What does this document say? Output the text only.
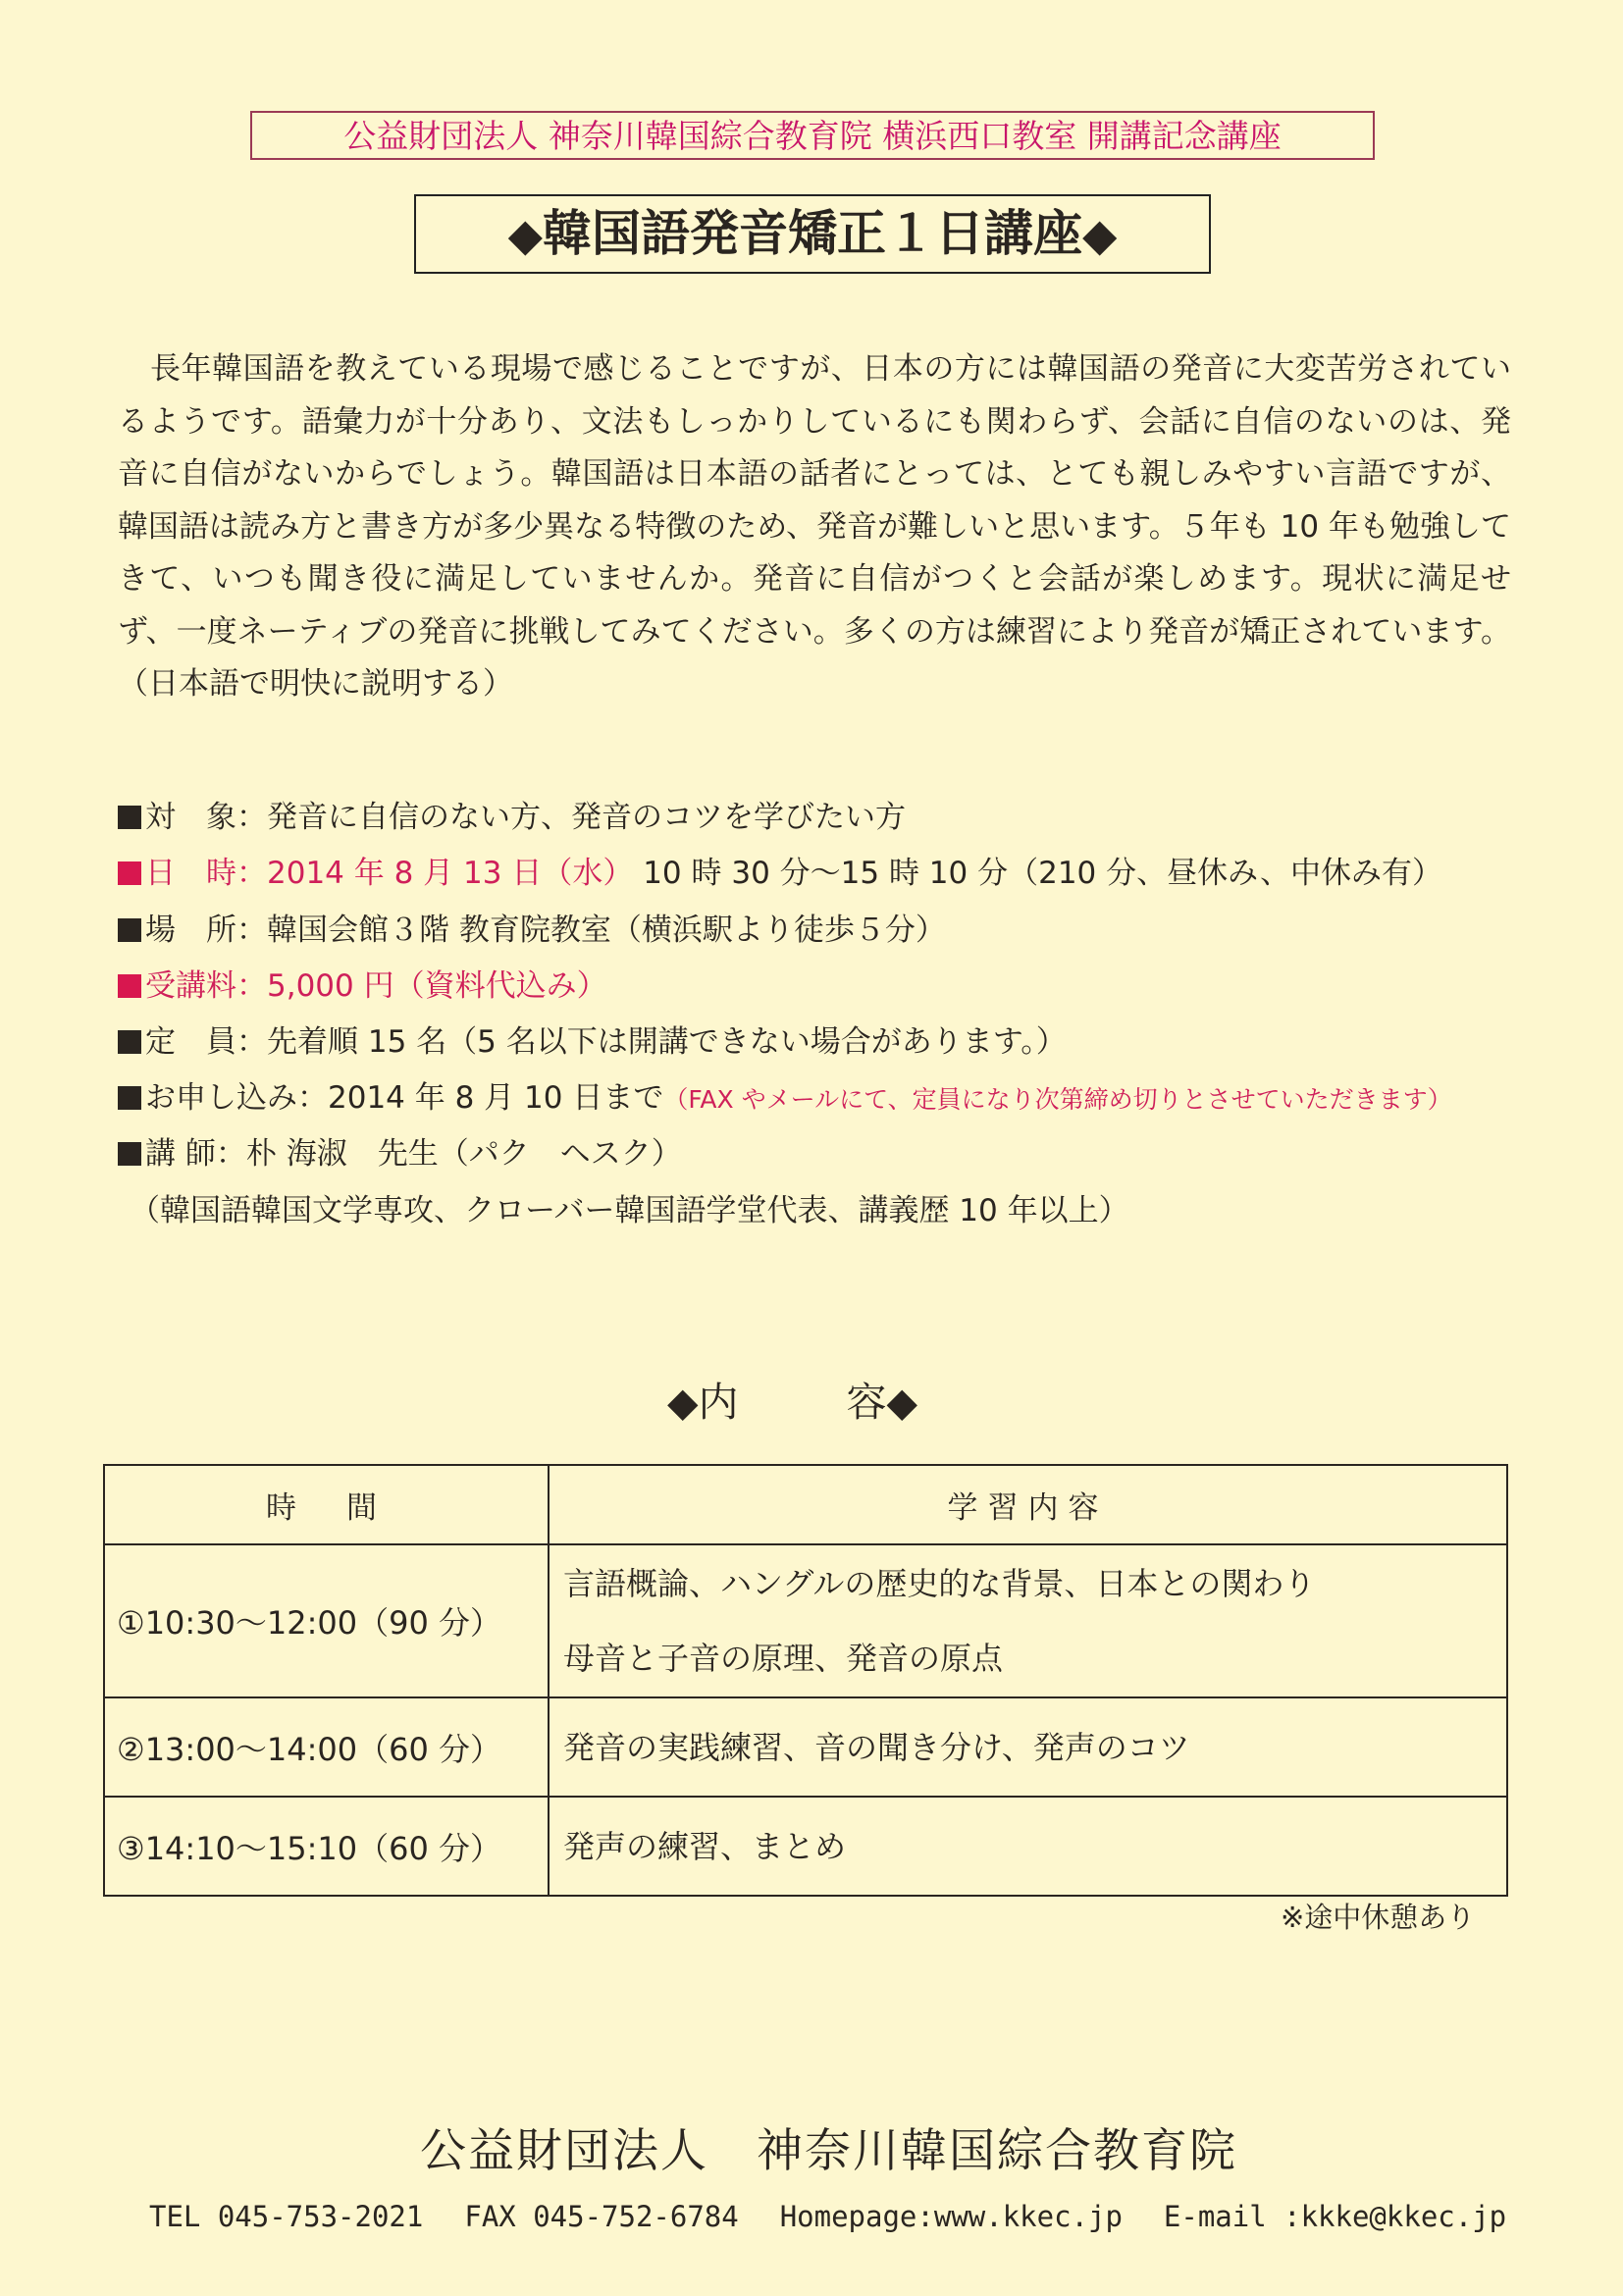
公益財団法人 神奈川韓国綜合教育院 横浜西口教室 開講記念講座
◆韓国語発音矯正１日講座◆

長年韓国語を教えている現場で感じることですが、日本の方には韓国語の発音に大変苦労されているようです。語彙力が十分あり、文法もしっかりしているにも関わらず、会話に自信のないのは、発音に自信がないからでしょう。韓国語は日本語の話者にとっては、とても親しみやすい言語ですが、韓国語は読み方と書き方が多少異なる特徴のため、発音が難しいと思います。５年も 10 年も勉強してきて、いつも聞き役に満足していませんか。発音に自信がつくと会話が楽しめます。現状に満足せず、一度ネーティブの発音に挑戦してみてください。多くの方は練習により発音が矯正されています。（日本語で明快に説明する）

対　象：発音に自信のない方、発音のコツを学びたい方
日　時：2014 年 8 月 13 日（水） 10 時 30 分～15 時 10 分（210 分、昼休み、中休み有）
場　所：韓国会館３階 教育院教室（横浜駅より徒歩５分）
受講料：5,000 円（資料代込み）
定　員：先着順 15 名（5 名以下は開講できない場合があります。）
お申し込み：2014 年 8 月 10 日まで（FAX やメールにて、定員になり次第締め切りとさせていただきます）
講 師：朴 海淑　先生（パク　ヘスク）
（韓国語韓国文学専攻、クローバー韓国語学堂代表、講義歴 10 年以上）
◆内	容◆
時　間	学習内容
①10:30～12:00（90 分）	言語概論、ハングルの歴史的な背景、日本との関わり
母音と子音の原理、発音の原点

②13:00～14:00（60 分）	発音の実践練習、音の聞き分け、発声のコツ
③14:10～15:10（60 分）	発声の練習、まとめ
※途中休憩あり
公益財団法人　神奈川韓国綜合教育院
TEL 045-753-2021 FAX 045-752-6784 Homepage:www.kkec.jp E-mail :kkke@kkec.jp
